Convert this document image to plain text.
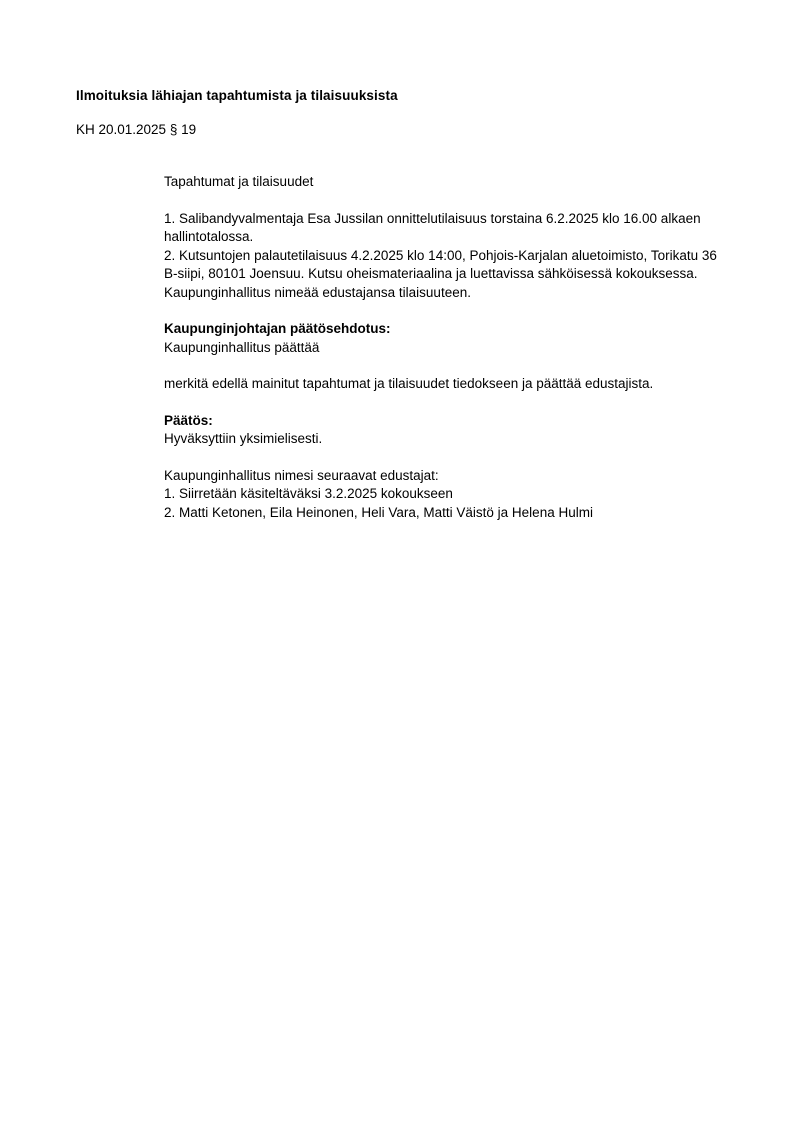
Ilmoituksia lähiajan tapahtumista ja tilaisuuksista
KH 20.01.2025 § 19

Tapahtumat ja tilaisuudet

1. Salibandyvalmentaja Esa Jussilan onnittelutilaisuus torstaina 6.2.2025 klo 16.00 alkaen hallintotalossa.
2. Kutsuntojen palautetilaisuus 4.2.2025 klo 14:00, Pohjois-Karjalan aluetoimisto, Torikatu 36 B-siipi, 80101 Joensuu. Kutsu oheismateriaalina ja luettavissa sähköisessä kokouksessa. Kaupunginhallitus nimeää edustajansa tilaisuuteen.

Kaupunginjohtajan päätösehdotus:
Kaupunginhallitus päättää

merkitä edellä mainitut tapahtumat ja tilaisuudet tiedokseen ja päättää edustajista.

Päätös:
Hyväksyttiin yksimielisesti.

Kaupunginhallitus nimesi seuraavat edustajat:
1. Siirretään käsiteltäväksi 3.2.2025 kokoukseen
2. Matti Ketonen, Eila Heinonen, Heli Vara, Matti Väistö ja Helena Hulmi
